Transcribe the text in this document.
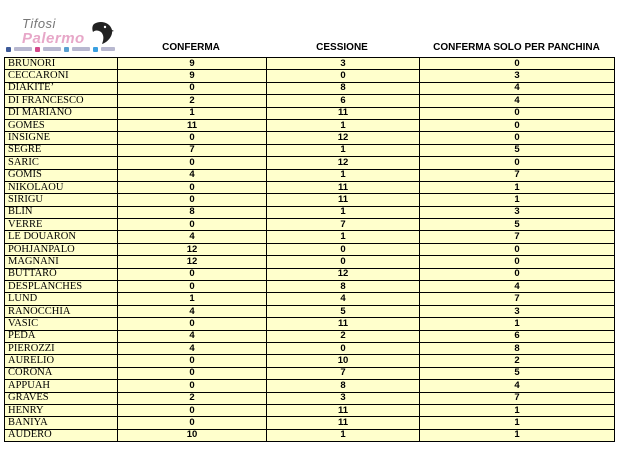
Tifosi
Palermo
CONFERMA	CESSIONE	CONFERMA SOLO PER PANCHINA
BRUNORI	9	3	0
CECCARONI	9	0	3
DIAKITE’	0	8	4
DI FRANCESCO	2	6	4
DI MARIANO	1	11	0
GOMES	11	1	0
INSIGNE	0	12	0
SEGRE	7	1	5
SARIC	0	12	0
GOMIS	4	1	7
NIKOLAOU	0	11	1
SIRIGU	0	11	1
BLIN	8	1	3
VERRE	0	7	5
LE DOUARON	4	1	7
POHJANPALO	12	0	0
MAGNANI	12	0	0
BUTTARO	0	12	0
DESPLANCHES	0	8	4
LUND	1	4	7
RANOCCHIA	4	5	3
VASIC	0	11	1
PEDA	4	2	6
PIEROZZI	4	0	8
AURELIO	0	10	2
CORONA	0	7	5
APPUAH	0	8	4
GRAVES	2	3	7
HENRY	0	11	1
BANIYA	0	11	1
AUDERO	10	1	1
